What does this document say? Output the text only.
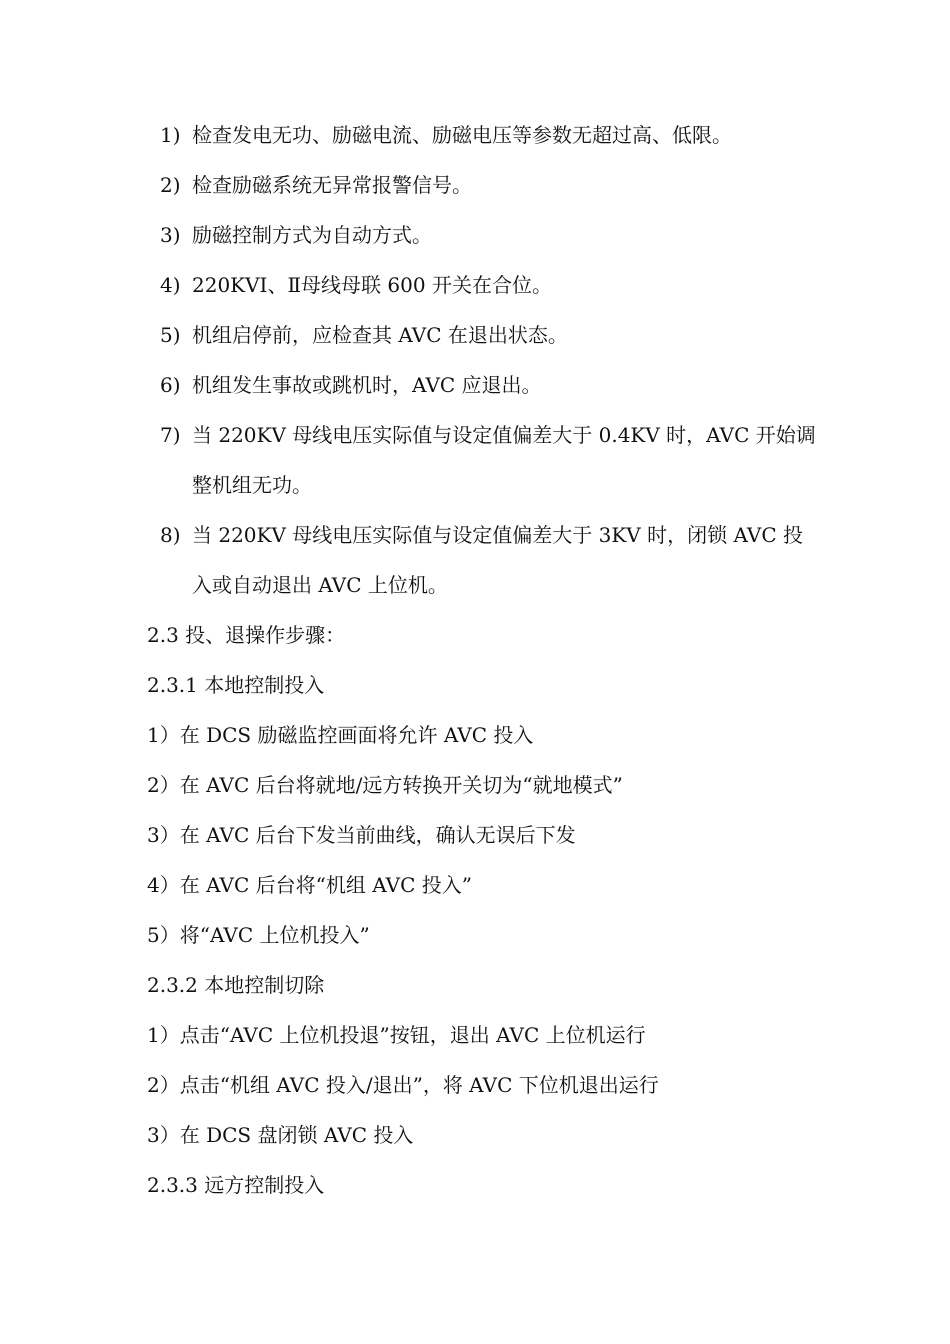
1) 检查发电无功、励磁电流、励磁电压等参数无超过高、低限。
2) 检查励磁系统无异常报警信号。
3) 励磁控制方式为自动方式。
4) 220KVⅠ、Ⅱ母线母联 600 开关在合位。
5) 机组启停前，应检查其 AVC 在退出状态。
6) 机组发生事故或跳机时，AVC 应退出。
7) 当 220KV 母线电压实际值与设定值偏差大于 0.4KV 时，AVC 开始调整机组无功。
8) 当 220KV 母线电压实际值与设定值偏差大于 3KV 时，闭锁 AVC 投入或自动退出 AVC 上位机。
2.3 投、退操作步骤：
2.3.1 本地控制投入
1）在 DCS 励磁监控画面将允许 AVC 投入
2）在 AVC 后台将就地/远方转换开关切为“就地模式”
3）在 AVC 后台下发当前曲线，确认无误后下发
4）在 AVC 后台将“机组 AVC 投入”
5）将“AVC 上位机投入”
2.3.2 本地控制切除
1）点击“AVC 上位机投退”按钮，退出 AVC 上位机运行
2）点击“机组 AVC 投入/退出”，将 AVC 下位机退出运行
3）在 DCS 盘闭锁 AVC 投入
2.3.3 远方控制投入
